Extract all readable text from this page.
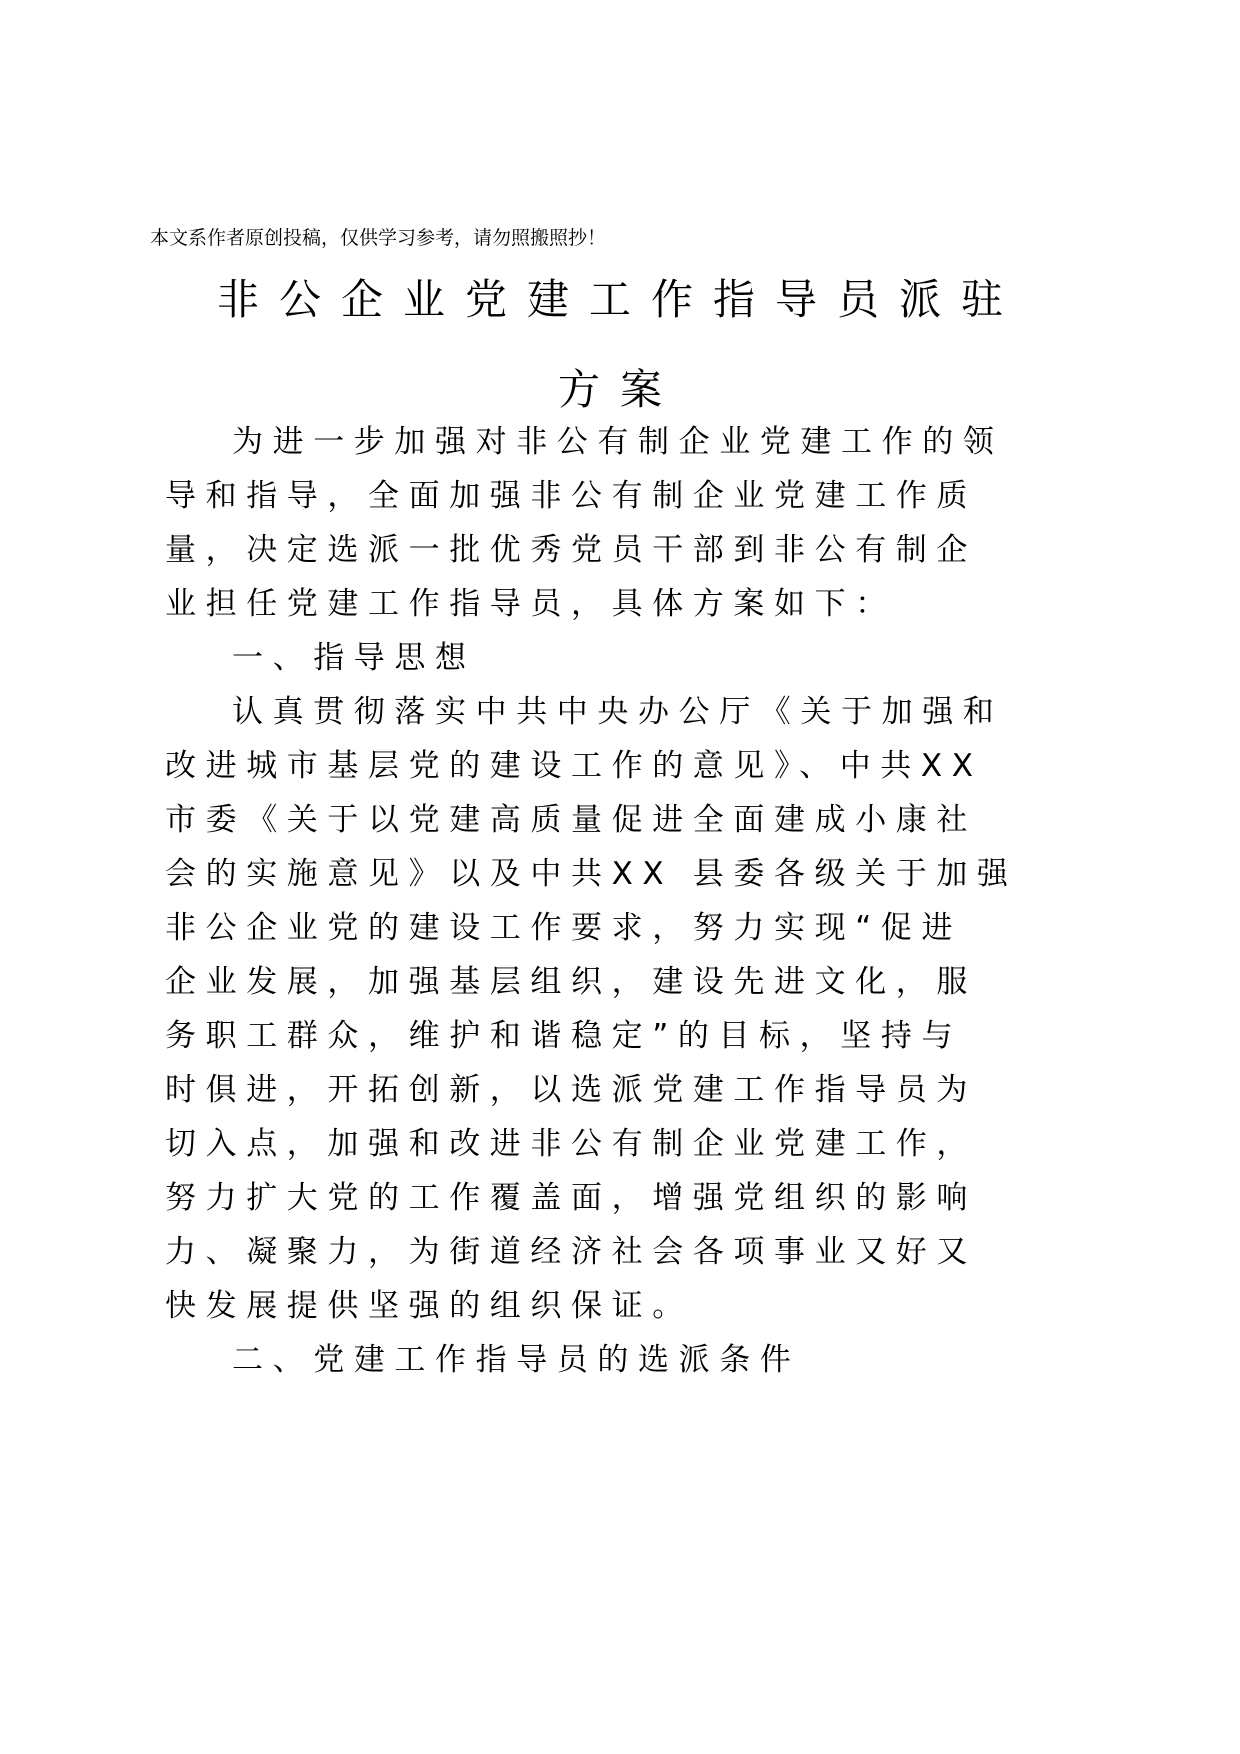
本文系作者原创投稿，仅供学习参考，请勿照搬照抄！
非公企业党建工作指导员派驻
方案
为进一步加强对非公有制企业党建工作的领
导和指导，全面加强非公有制企业党建工作质
量，决定选派一批优秀党员干部到非公有制企
业担任党建工作指导员，具体方案如下：
一、指导思想
认真贯彻落实中共中央办公厅《关于加强和
改进城市基层党的建设工作的意见》、中共XX
市委《关于以党建高质量促进全面建成小康社
会的实施意见》以及中共XX 县委各级关于加强
非公企业党的建设工作要求，努力实现“促进
企业发展，加强基层组织，建设先进文化，服
务职工群众，维护和谐稳定”的目标，坚持与
时俱进，开拓创新，以选派党建工作指导员为
切入点，加强和改进非公有制企业党建工作，
努力扩大党的工作覆盖面，增强党组织的影响
力、凝聚力，为街道经济社会各项事业又好又
快发展提供坚强的组织保证。
二、党建工作指导员的选派条件
